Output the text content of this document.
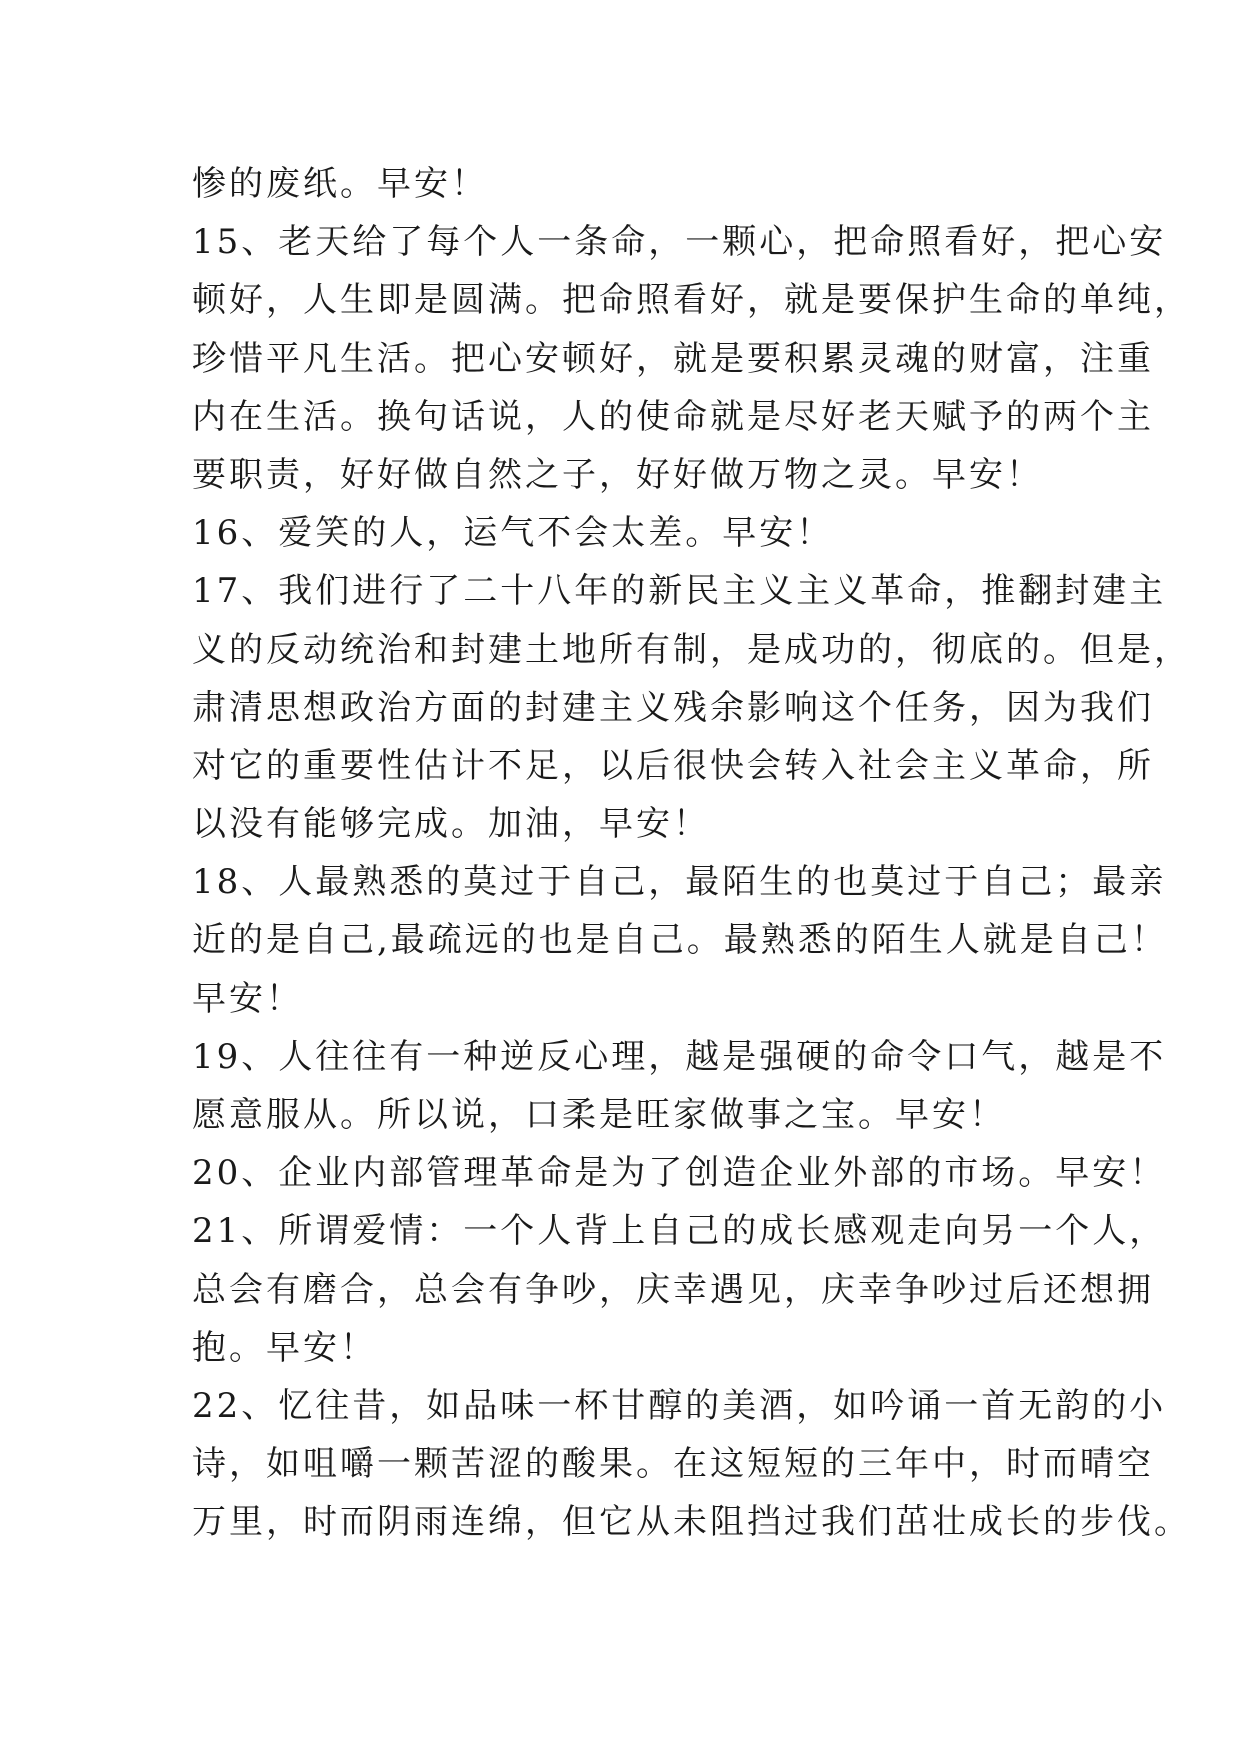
惨的废纸。早安！
15、老天给了每个人一条命，一颗心，把命照看好，把心安
顿好，人生即是圆满。把命照看好，就是要保护生命的单纯，
珍惜平凡生活。把心安顿好，就是要积累灵魂的财富，注重
内在生活。换句话说，人的使命就是尽好老天赋予的两个主
要职责，好好做自然之子，好好做万物之灵。早安！
16、爱笑的人，运气不会太差。早安！
17、我们进行了二十八年的新民主义主义革命，推翻封建主
义的反动统治和封建土地所有制，是成功的，彻底的。但是，
肃清思想政治方面的封建主义残余影响这个任务，因为我们
对它的重要性估计不足，以后很快会转入社会主义革命，所
以没有能够完成。加油，早安！
18、人最熟悉的莫过于自己，最陌生的也莫过于自己；最亲
近的是自己,最疏远的也是自己。最熟悉的陌生人就是自己！
早安！
19、人往往有一种逆反心理，越是强硬的命令口气，越是不
愿意服从。所以说，口柔是旺家做事之宝。早安！
20、企业内部管理革命是为了创造企业外部的市场。早安！
21、所谓爱情：一个人背上自己的成长感观走向另一个人，
总会有磨合，总会有争吵，庆幸遇见，庆幸争吵过后还想拥
抱。早安！
22、忆往昔，如品味一杯甘醇的美酒，如吟诵一首无韵的小
诗，如咀嚼一颗苦涩的酸果。在这短短的三年中，时而晴空
万里，时而阴雨连绵，但它从未阻挡过我们茁壮成长的步伐。
